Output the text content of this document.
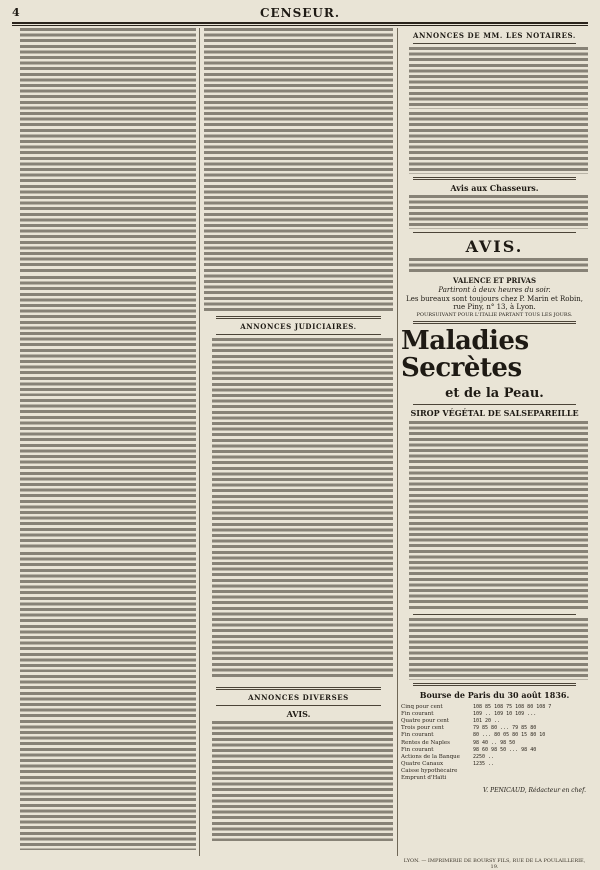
4	CENSEUR.
ANNONCES JUDICIAIRES.
ANNONCES DIVERSES
AVIS.
ANNONCES DE MM. LES NOTAIRES.
Avis aux Chasseurs.
AVIS.
VALENCE ET PRIVAS
Partiront à deux heures du soir.
Les bureaux sont toujours chez P. Marin et Robin, rue Piny, n° 13, à Lyon.
POURSUIVANT POUR L'ITALIE PARTANT TOUS LES JOURS.
Maladies Secrètes
et de la Peau.
SIROP VÉGÉTAL DE SALSEPAREILLE
Bourse de Paris du 30 août 1836.
Cinq pour cent	108 85 108 75 108 80 108 7
Fin courant	109 .. 109 10 109 ...
Quatre pour cent	101 20 ..
Trois pour cent	79 85 80 ... 79 85 80
Fin courant	80 ... 80 05 80 15 80 10
Rentes de Naples	98 40 .. 98 50
Fin courant	98 60 98 50 ... 98 40
Actions de la Banque	2250 ..
Quatre Canaux	1235 ..
Caisse hypothécaire	
Emprunt d'Haïti	
V. PENICAUD, Rédacteur en chef.
LYON. — IMPRIMERIE DE BOURSY FILS, RUE DE LA POULAILLERIE, 19.
